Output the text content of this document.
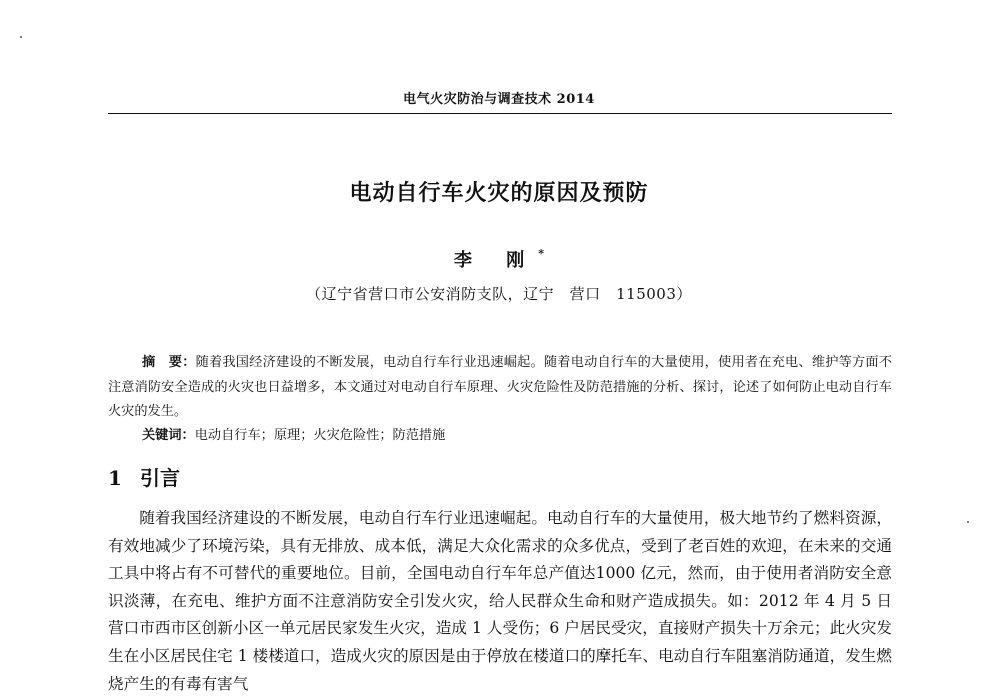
电气火灾防治与调查技术 2014
电动自行车火灾的原因及预防
李 刚*
（辽宁省营口市公安消防支队，辽宁　营口　115003）
摘　要：随着我国经济建设的不断发展，电动自行车行业迅速崛起。随着电动自行车的大量使用，使用者在充电、维护等方面不注意消防安全造成的火灾也日益增多，本文通过对电动自行车原理、火灾危险性及防范措施的分析、探讨，论述了如何防止电动自行车火灾的发生。
关键词：电动自行车；原理；火灾危险性；防范措施
1 引言

随着我国经济建设的不断发展，电动自行车行业迅速崛起。电动自行车的大量使用，极大地节约了燃料资源，有效地减少了环境污染，具有无排放、成本低，满足大众化需求的众多优点，受到了老百姓的欢迎，在未来的交通工具中将占有不可替代的重要地位。目前，全国电动自行车年总产值达1000 亿元，然而，由于使用者消防安全意识淡薄，在充电、维护方面不注意消防安全引发火灾，给人民群众生命和财产造成损失。如：2012 年 4 月 5 日营口市西市区创新小区一单元居民家发生火灾，造成 1 人受伤；6 户居民受灾，直接财产损失十万余元；此火灾发生在小区居民住宅 1 楼楼道口，造成火灾的原因是由于停放在楼道口的摩托车、电动自行车阻塞消防通道，发生燃烧产生的有毒有害气
